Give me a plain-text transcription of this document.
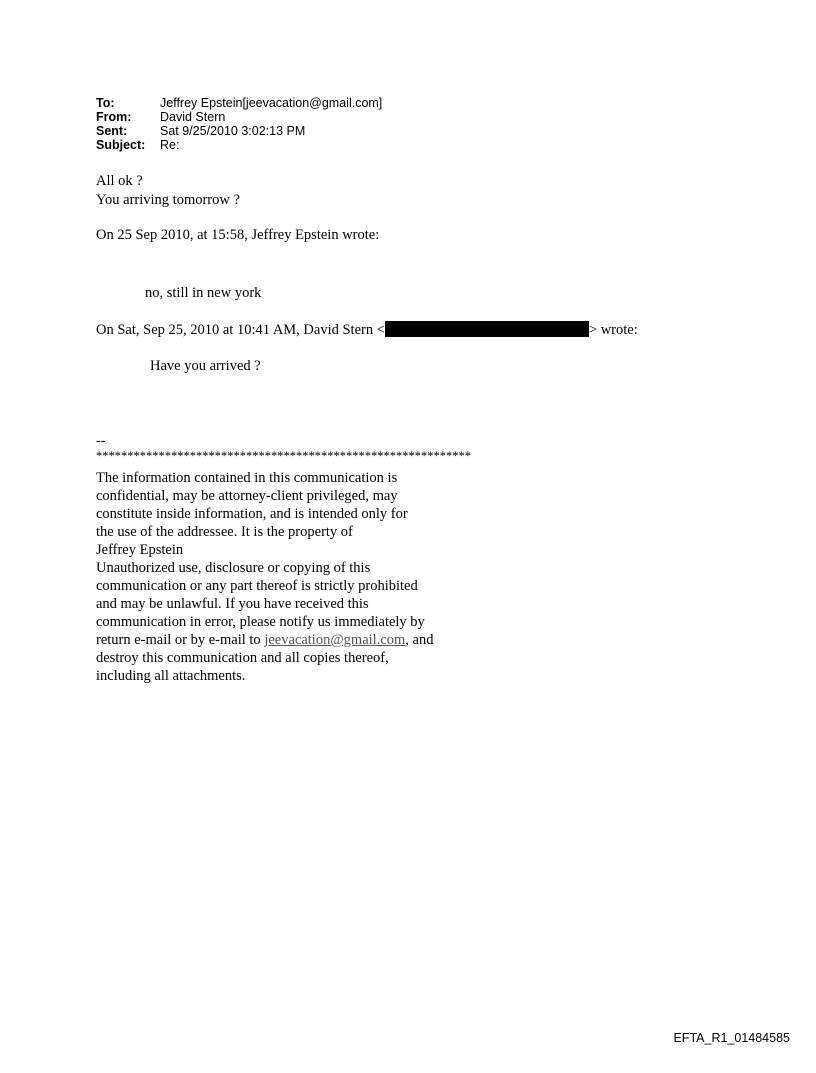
To:	Jeffrey Epstein[jeevacation@gmail.com]
From:	David Stern
Sent:	Sat 9/25/2010 3:02:13 PM
Subject:	Re:
All ok ?
You arriving tomorrow ?
On 25 Sep 2010, at 15:58, Jeffrey Epstein wrote:
no, still in new york
On Sat, Sep 25, 2010 at 10:41 AM, David Stern <	> wrote:
Have you arrived ?
--
************************************************************
The information contained in this communication is
confidential, may be attorney-client privileged, may
constitute inside information, and is intended only for
the use of the addressee. It is the property of
Jeffrey Epstein
Unauthorized use, disclosure or copying of this
communication or any part thereof is strictly prohibited
and may be unlawful. If you have received this
communication in error, please notify us immediately by
return e-mail or by e-mail to jeevacation@gmail.com, and
destroy this communication and all copies thereof,
including all attachments.
EFTA_R1_01484585
